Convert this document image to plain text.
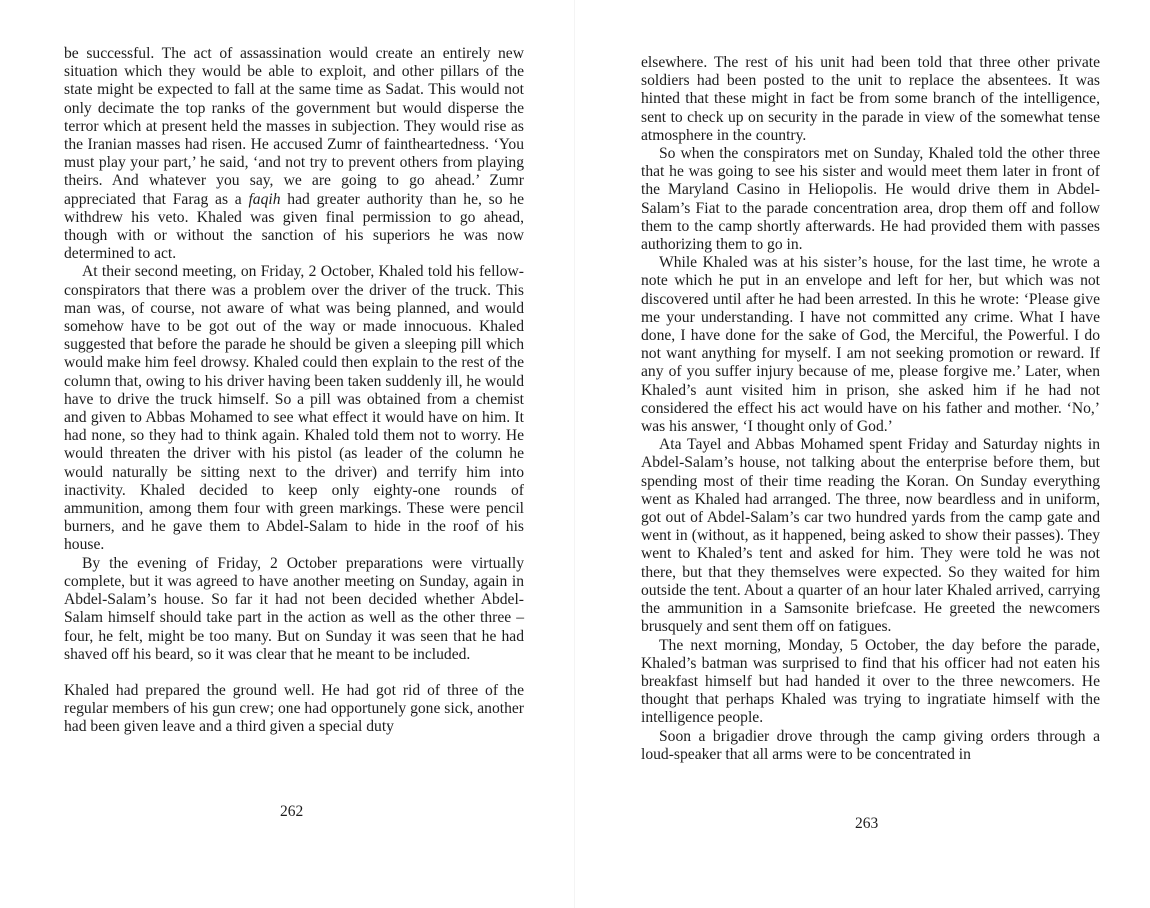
be successful. The act of assassination would create an entirely new situation which they would be able to exploit, and other pillars of the state might be expected to fall at the same time as Sadat. This would not only decimate the top ranks of the government but would disperse the terror which at present held the masses in subjection. They would rise as the Iranian masses had risen. He accused Zumr of faintheartedness. ‘You must play your part,’ he said, ‘and not try to prevent others from playing theirs. And whatever you say, we are going to go ahead.’ Zumr appreciated that Farag as a faqih had greater authority than he, so he withdrew his veto. Khaled was given final permission to go ahead, though with or without the sanction of his superiors he was now determined to act.

At their second meeting, on Friday, 2 October, Khaled told his fellow-conspirators that there was a problem over the driver of the truck. This man was, of course, not aware of what was being planned, and would somehow have to be got out of the way or made innocuous. Khaled suggested that before the parade he should be given a sleeping pill which would make him feel drowsy. Khaled could then explain to the rest of the column that, owing to his driver having been taken suddenly ill, he would have to drive the truck himself. So a pill was obtained from a chemist and given to Abbas Mohamed to see what effect it would have on him. It had none, so they had to think again. Khaled told them not to worry. He would threaten the driver with his pistol (as leader of the column he would naturally be sitting next to the driver) and terrify him into inactivity. Khaled decided to keep only eighty-one rounds of ammunition, among them four with green markings. These were pencil burners, and he gave them to Abdel-Salam to hide in the roof of his house.

By the evening of Friday, 2 October preparations were virtually complete, but it was agreed to have another meeting on Sunday, again in Abdel-Salam’s house. So far it had not been decided whether Abdel-Salam himself should take part in the action as well as the other three – four, he felt, might be too many. But on Sunday it was seen that he had shaved off his beard, so it was clear that he meant to be included.

Khaled had prepared the ground well. He had got rid of three of the regular members of his gun crew; one had opportunely gone sick, another had been given leave and a third given a special duty

262

elsewhere. The rest of his unit had been told that three other private soldiers had been posted to the unit to replace the absentees. It was hinted that these might in fact be from some branch of the intelligence, sent to check up on security in the parade in view of the somewhat tense atmosphere in the country.

So when the conspirators met on Sunday, Khaled told the other three that he was going to see his sister and would meet them later in front of the Maryland Casino in Heliopolis. He would drive them in Abdel-Salam’s Fiat to the parade concentration area, drop them off and follow them to the camp shortly afterwards. He had provided them with passes authorizing them to go in.

While Khaled was at his sister’s house, for the last time, he wrote a note which he put in an envelope and left for her, but which was not discovered until after he had been arrested. In this he wrote: ‘Please give me your understanding. I have not committed any crime. What I have done, I have done for the sake of God, the Merciful, the Powerful. I do not want anything for myself. I am not seeking promotion or reward. If any of you suffer injury because of me, please forgive me.’ Later, when Khaled’s aunt visited him in prison, she asked him if he had not considered the effect his act would have on his father and mother. ‘No,’ was his answer, ‘I thought only of God.’

Ata Tayel and Abbas Mohamed spent Friday and Saturday nights in Abdel-Salam’s house, not talking about the enterprise before them, but spending most of their time reading the Koran. On Sunday everything went as Khaled had arranged. The three, now beardless and in uniform, got out of Abdel-Salam’s car two hundred yards from the camp gate and went in (without, as it happened, being asked to show their passes). They went to Khaled’s tent and asked for him. They were told he was not there, but that they themselves were expected. So they waited for him outside the tent. About a quarter of an hour later Khaled arrived, carrying the ammunition in a Samsonite briefcase. He greeted the newcomers brusquely and sent them off on fatigues.

The next morning, Monday, 5 October, the day before the parade, Khaled’s batman was surprised to find that his officer had not eaten his breakfast himself but had handed it over to the three newcomers. He thought that perhaps Khaled was trying to ingratiate himself with the intelligence people.

Soon a brigadier drove through the camp giving orders through a loud-speaker that all arms were to be concentrated in

263
